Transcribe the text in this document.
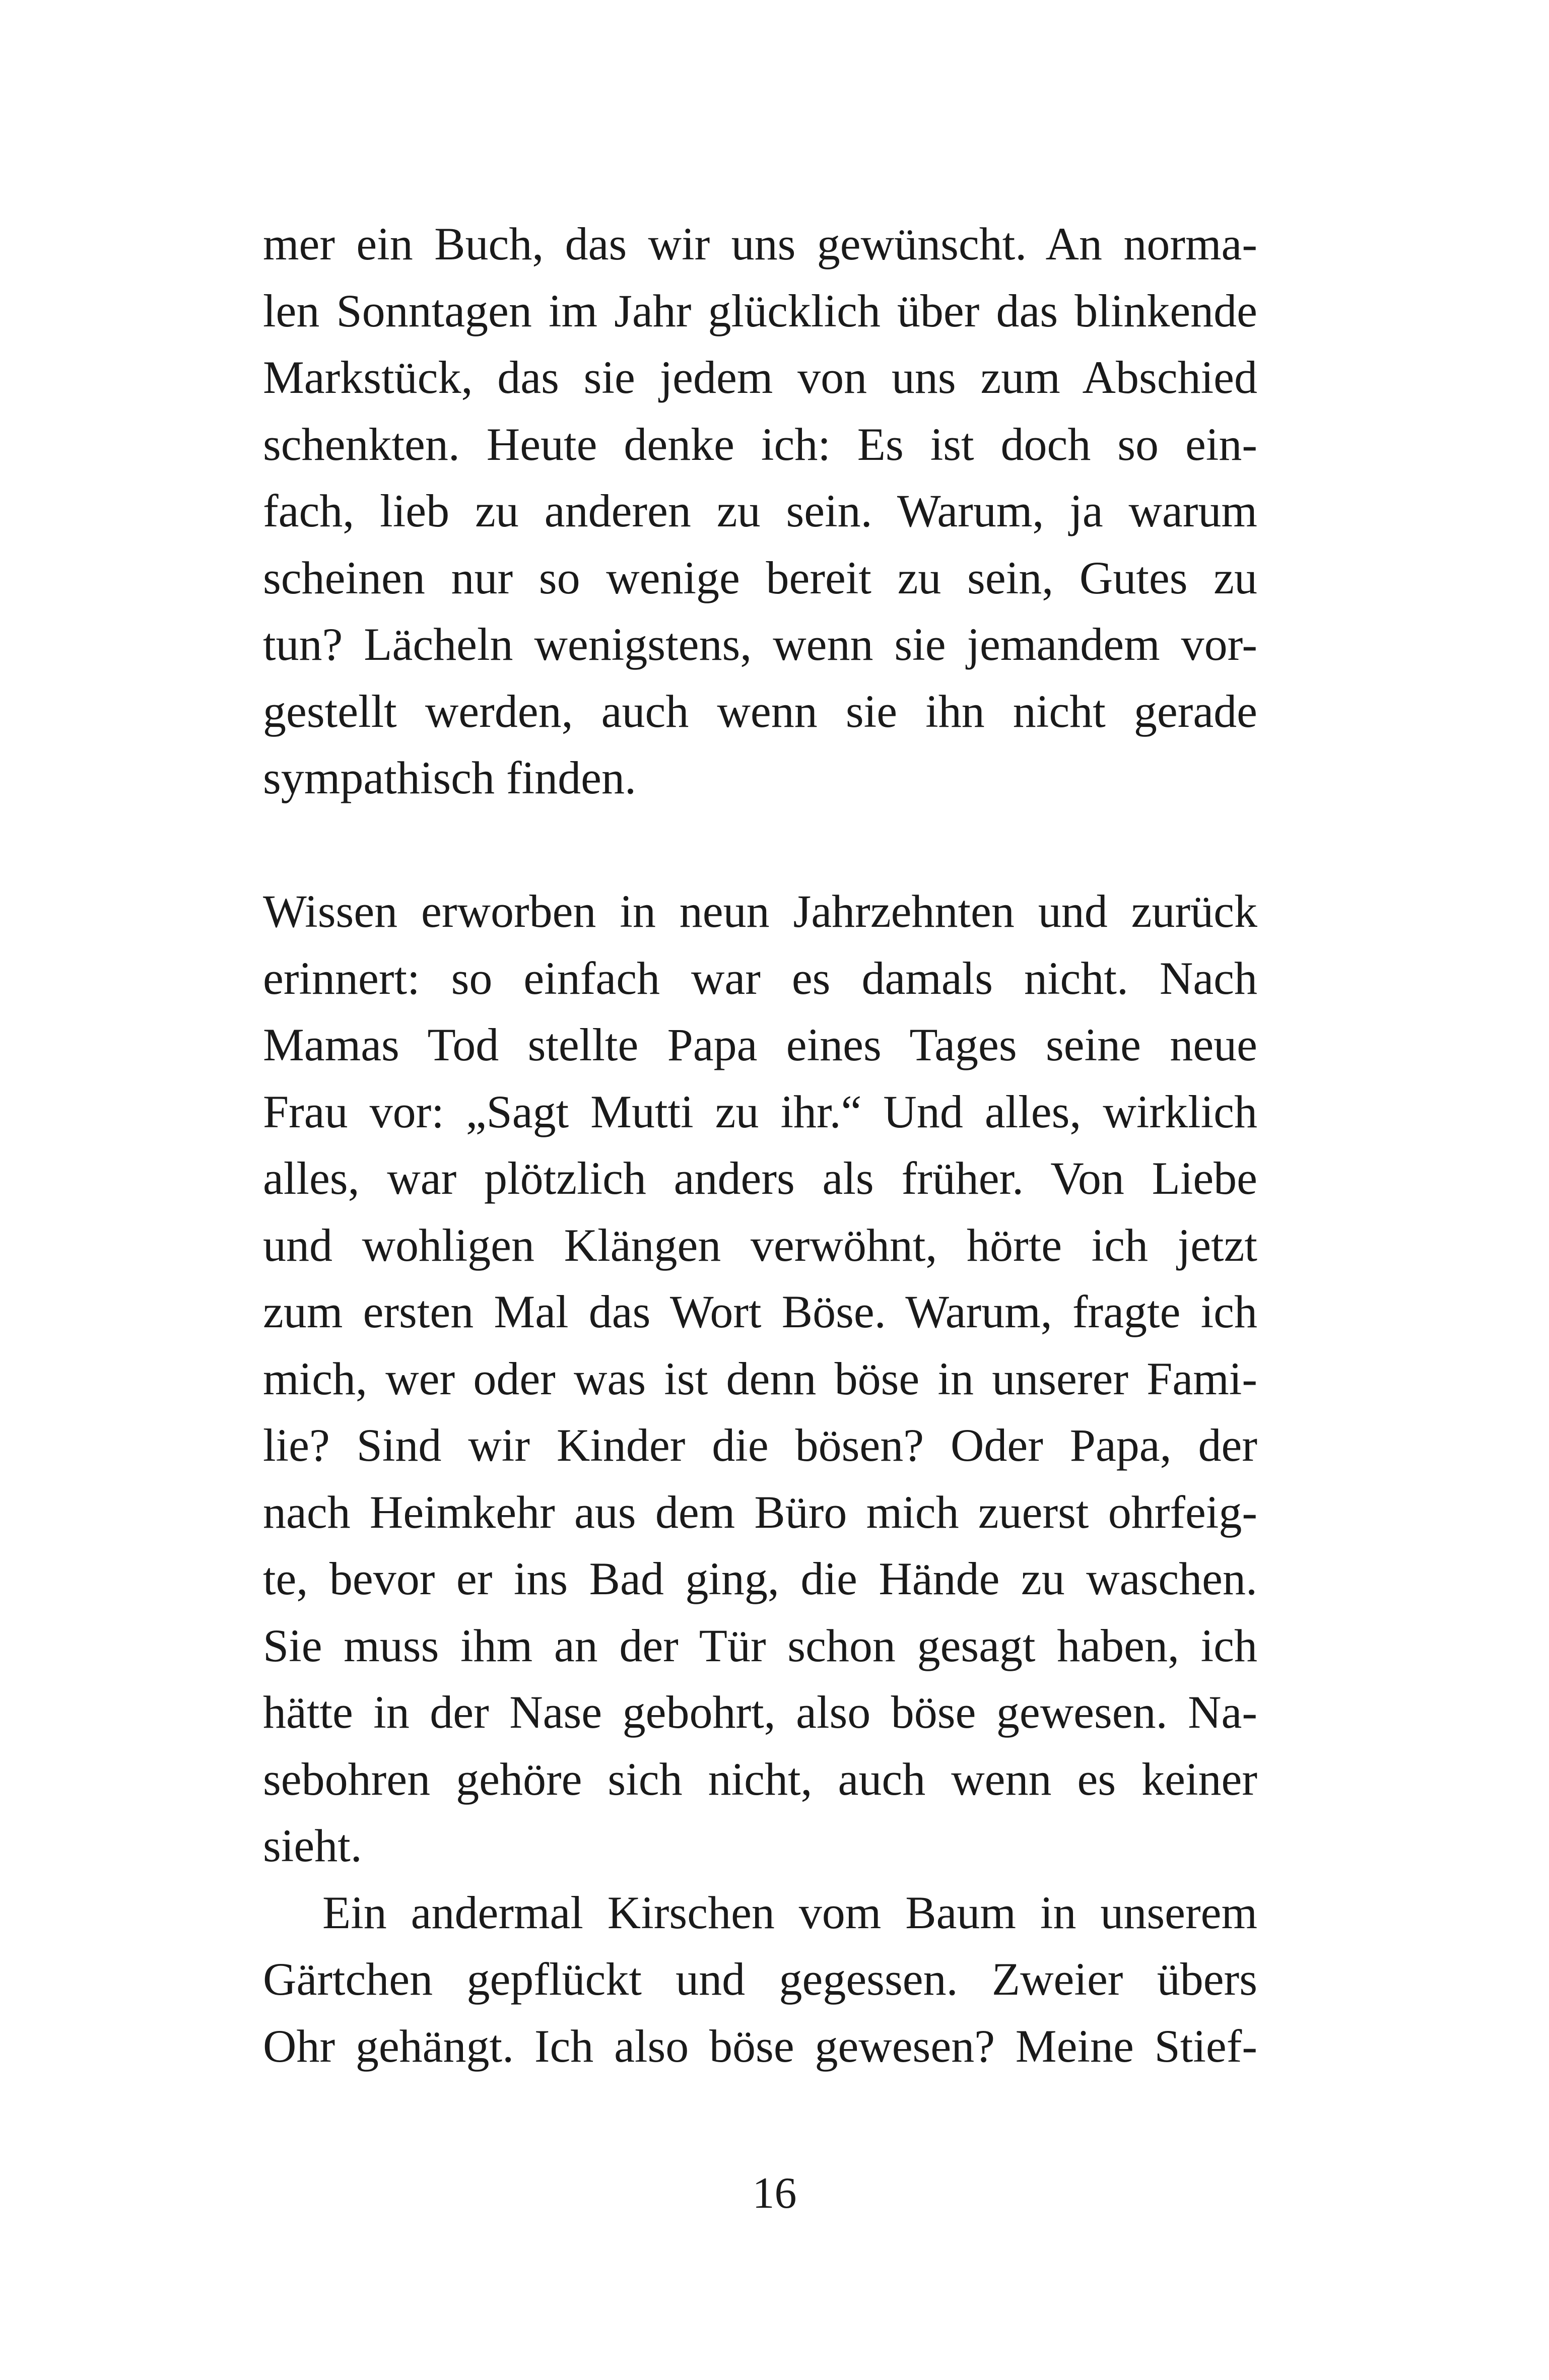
mer ein Buch, das wir uns gewünscht. An norma-
len Sonntagen im Jahr glücklich über das blinkende
Markstück, das sie jedem von uns zum Abschied
schenkten. Heute denke ich: Es ist doch so ein-
fach, lieb zu anderen zu sein. Warum, ja warum
scheinen nur so wenige bereit zu sein, Gutes zu
tun? Lächeln wenigstens, wenn sie jemandem vor-
gestellt werden, auch wenn sie ihn nicht gerade
sympathisch finden.
Wissen erworben in neun Jahrzehnten und zurück
erinnert: so einfach war es damals nicht. Nach
Mamas Tod stellte Papa eines Tages seine neue
Frau vor: „Sagt Mutti zu ihr.“ Und alles, wirklich
alles, war plötzlich anders als früher. Von Liebe
und wohligen Klängen verwöhnt, hörte ich jetzt
zum ersten Mal das Wort Böse. Warum, fragte ich
mich, wer oder was ist denn böse in unserer Fami-
lie? Sind wir Kinder die bösen? Oder Papa, der
nach Heimkehr aus dem Büro mich zuerst ohrfeig-
te, bevor er ins Bad ging, die Hände zu waschen.
Sie muss ihm an der Tür schon gesagt haben, ich
hätte in der Nase gebohrt, also böse gewesen. Na-
sebohren gehöre sich nicht, auch wenn es keiner
sieht.
Ein andermal Kirschen vom Baum in unserem
Gärtchen gepflückt und gegessen. Zweier übers
Ohr gehängt. Ich also böse gewesen? Meine Stief-
16
